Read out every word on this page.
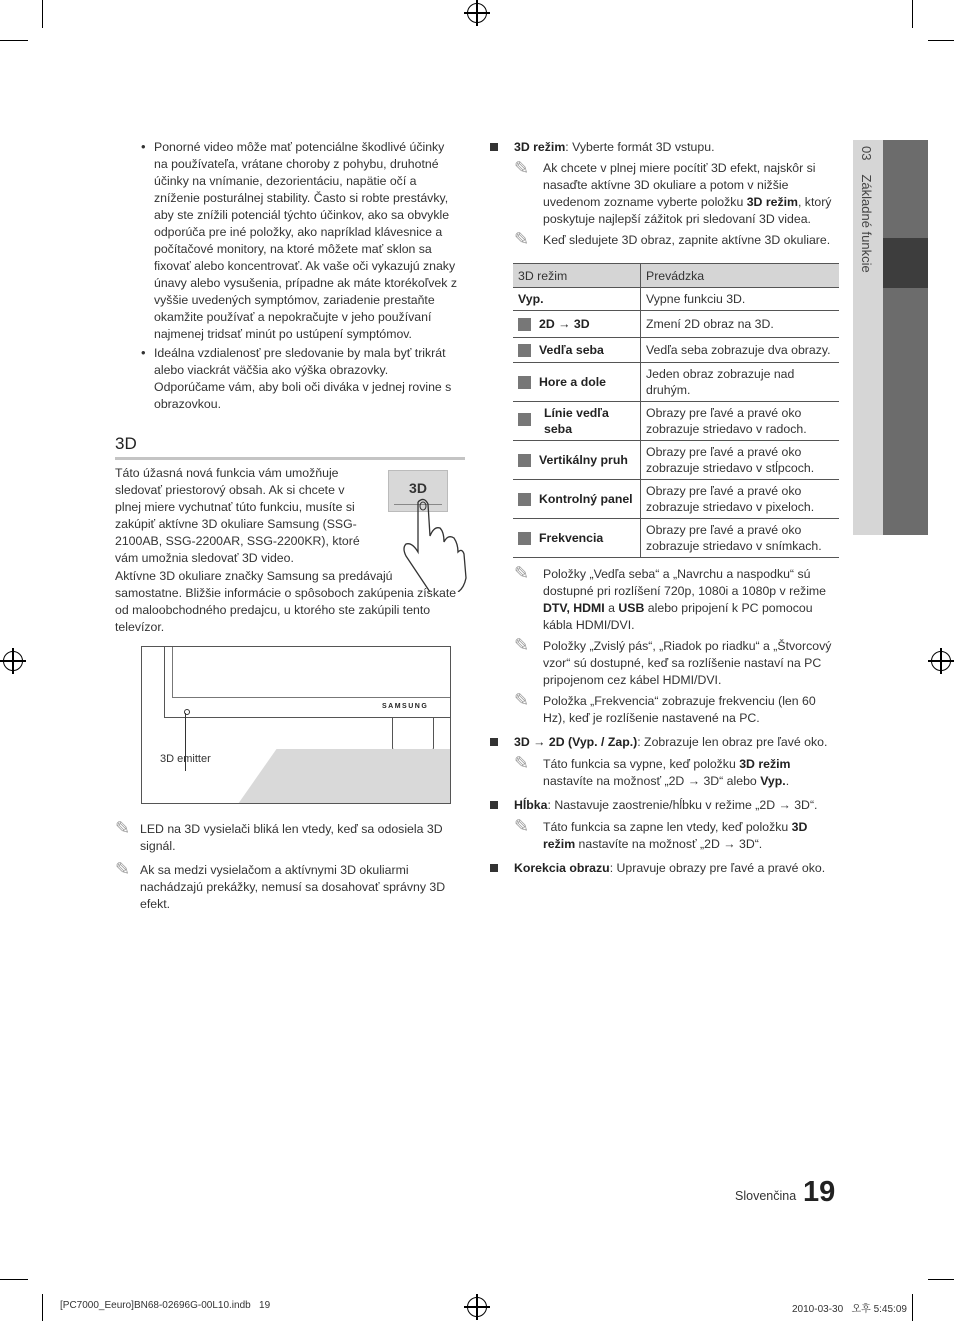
03Základné funkcie
• Ponorné video môže mať potenciálne škodlivé účinky na používateľa, vrátane choroby z pohybu, druhotné účinky na vnímanie, dezorientáciu, napätie očí a zníženie posturálnej stability. Často si robte prestávky, aby ste znížili potenciál týchto účinkov, ako sa obvykle odporúča pre iné položky, ako napríklad klávesnice a počítačové monitory, na ktoré môžete mať sklon sa fixovať alebo koncentrovať. Ak vaše oči vykazujú znaky únavy alebo vysušenia, prípadne ak máte ktorékoľvek z vyššie uvedených symptómov, zariadenie prestaňte okamžite používať a nepokračujte v jeho používaní najmenej tridsať minút po ustúpení symptómov.
• Ideálna vzdialenosť pre sledovanie by mala byť trikrát alebo viackrát väčšia ako výška obrazovky. Odporúčame vám, aby boli oči diváka v jednej rovine s obrazovkou.
3D
Táto úžasná nová funkcia vám umožňuje sledovať priestorový obsah. Ak si chcete v plnej miere vychutnať túto funkciu, musíte si zakúpiť aktívne 3D okuliare Samsung (SSG-2100AB, SSG-2200AR, SSG-2200KR), ktoré vám umožnia sledovať 3D video.
Aktívne 3D okuliare značky Samsung sa predávajú samostatne. Bližšie informácie o spôsoboch zakúpenia získate od maloobchodného predajcu, u ktorého ste zakúpili tento televízor.
3D
SAMSUNG
3D emitter
✎ LED na 3D vysielači bliká len vtedy, keď sa odosiela 3D signál.
✎ Ak sa medzi vysielačom a aktívnymi 3D okuliarmi nachádzajú prekážky, nemusí sa dosahovať správny 3D efekt.
3D režim: Vyberte formát 3D vstupu.
✎ Ak chcete v plnej miere pocítiť 3D efekt, najskôr si nasaďte aktívne 3D okuliare a potom v nižšie uvedenom zozname vyberte položku 3D režim, ktorý poskytuje najlepší zážitok pri sledovaní 3D videa.
✎ Keď sledujete 3D obraz, zapnite aktívne 3D okuliare.
3D režim	Prevádzka
Vyp.	Vypne funkciu 3D.
2D → 3D	Zmení 2D obraz na 3D.
Vedľa seba	Vedľa seba zobrazuje dva obrazy.
Hore a dole	Jeden obraz zobrazuje nad druhým.

Línie vedľa seba	Obrazy pre ľavé a pravé oko zobrazuje striedavo v radoch.
Vertikálny pruh	Obrazy pre ľavé a pravé oko zobrazuje striedavo v stĺpcoch.
Kontrolný panel	Obrazy pre ľavé a pravé oko zobrazuje striedavo v pixeloch.
Frekvencia	Obrazy pre ľavé a pravé oko zobrazuje striedavo v snímkach.
✎ Položky „Vedľa seba“ a „Navrchu a naspodku“ sú dostupné pri rozlíšení 720p, 1080i a 1080p v režime DTV, HDMI a USB alebo pripojení k PC pomocou kábla HDMI/DVI.
✎ Položky „Zvislý pás“, „Riadok po riadku“ a „Štvorcový vzor“ sú dostupné, keď sa rozlíšenie nastaví na PC pripojenom cez kábel HDMI/DVI.
✎ Položka „Frekvencia“ zobrazuje frekvenciu (len 60 Hz), keď je rozlíšenie nastavené na PC.
3D → 2D (Vyp. / Zap.): Zobrazuje len obraz pre ľavé oko.
✎ Táto funkcia sa vypne, keď položku 3D režim nastavíte na možnosť „2D → 3D“ alebo Vyp..
Hĺbka: Nastavuje zaostrenie/hĺbku v režime „2D → 3D“.
✎ Táto funkcia sa zapne len vtedy, keď položku 3D režim nastavíte na možnosť „2D → 3D“.
Korekcia obrazu: Upravuje obrazy pre ľavé a pravé oko.
Slovenčina 19
[PC7000_Eeuro]BN68-02696G-00L10.indb   19	2010-03-30   오후 5:45:09
